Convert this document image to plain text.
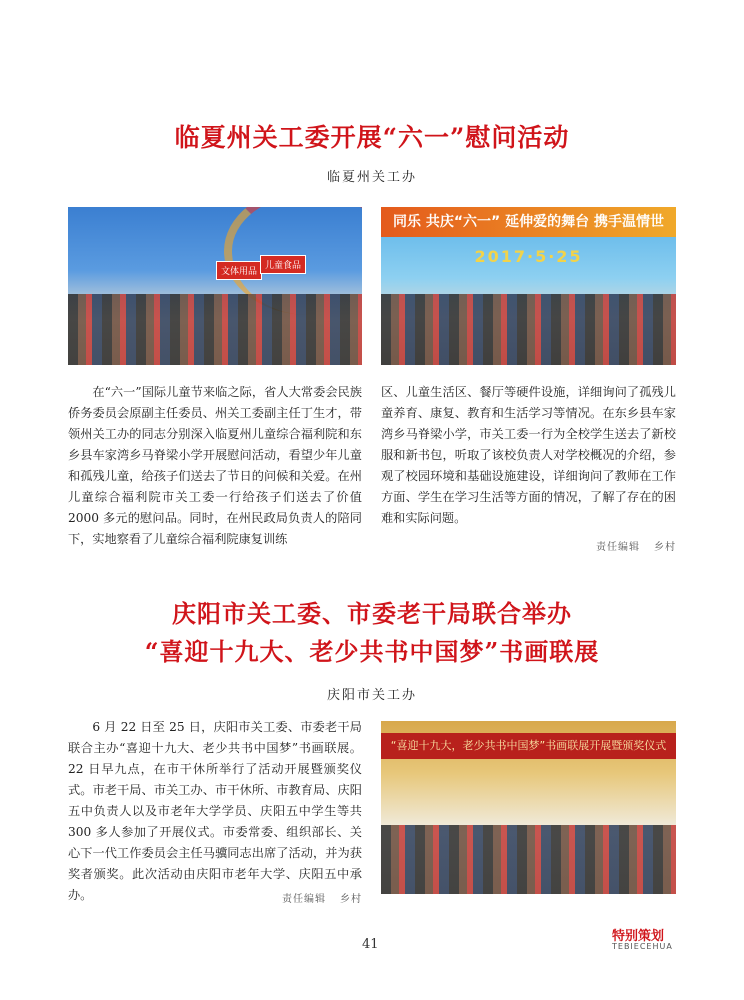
临夏州关工委开展“六一”慰问活动
临夏州关工办
文体用品
儿童食品
同乐 共庆“六一” 延伸爱的舞台 携手温情世
2017·5·25

在“六一”国际儿童节来临之际，省人大常委会民族侨务委员会原副主任委员、州关工委副主任丁生才，带领州关工办的同志分别深入临夏州儿童综合福利院和东乡县车家湾乡马脊梁小学开展慰问活动，看望少年儿童和孤残儿童，给孩子们送去了节日的问候和关爱。在州儿童综合福利院市关工委一行给孩子们送去了价值 2000 多元的慰问品。同时，在州民政局负责人的陪同下，实地察看了儿童综合福利院康复训练

区、儿童生活区、餐厅等硬件设施，详细询问了孤残儿童养育、康复、教育和生活学习等情况。在东乡县车家湾乡马脊梁小学，市关工委一行为全校学生送去了新校服和新书包，听取了该校负责人对学校概况的介绍，参观了校园环境和基础设施建设，详细询问了教师在工作方面、学生在学习生活等方面的情况，了解了存在的困难和实际问题。

责任编辑 乡村
庆阳市关工委、市委老干局联合举办
“喜迎十九大、老少共书中国梦”书画联展
庆阳市关工办

6 月 22 日至 25 日，庆阳市关工委、市委老干局联合主办“喜迎十九大、老少共书中国梦”书画联展。22 日早九点，在市干休所举行了活动开展暨颁奖仪式。市老干局、市关工办、市干休所、市教育局、庆阳五中负责人以及市老年大学学员、庆阳五中学生等共 300 多人参加了开展仪式。市委常委、组织部长、关心下一代工作委员会主任马骥同志出席了活动，并为获奖者颁奖。此次活动由庆阳市老年大学、庆阳五中承办。

“喜迎十九大，老少共书中国梦”书画联展开展暨颁奖仪式
责任编辑 乡村
41
特别策划
TEBIECEHUA
